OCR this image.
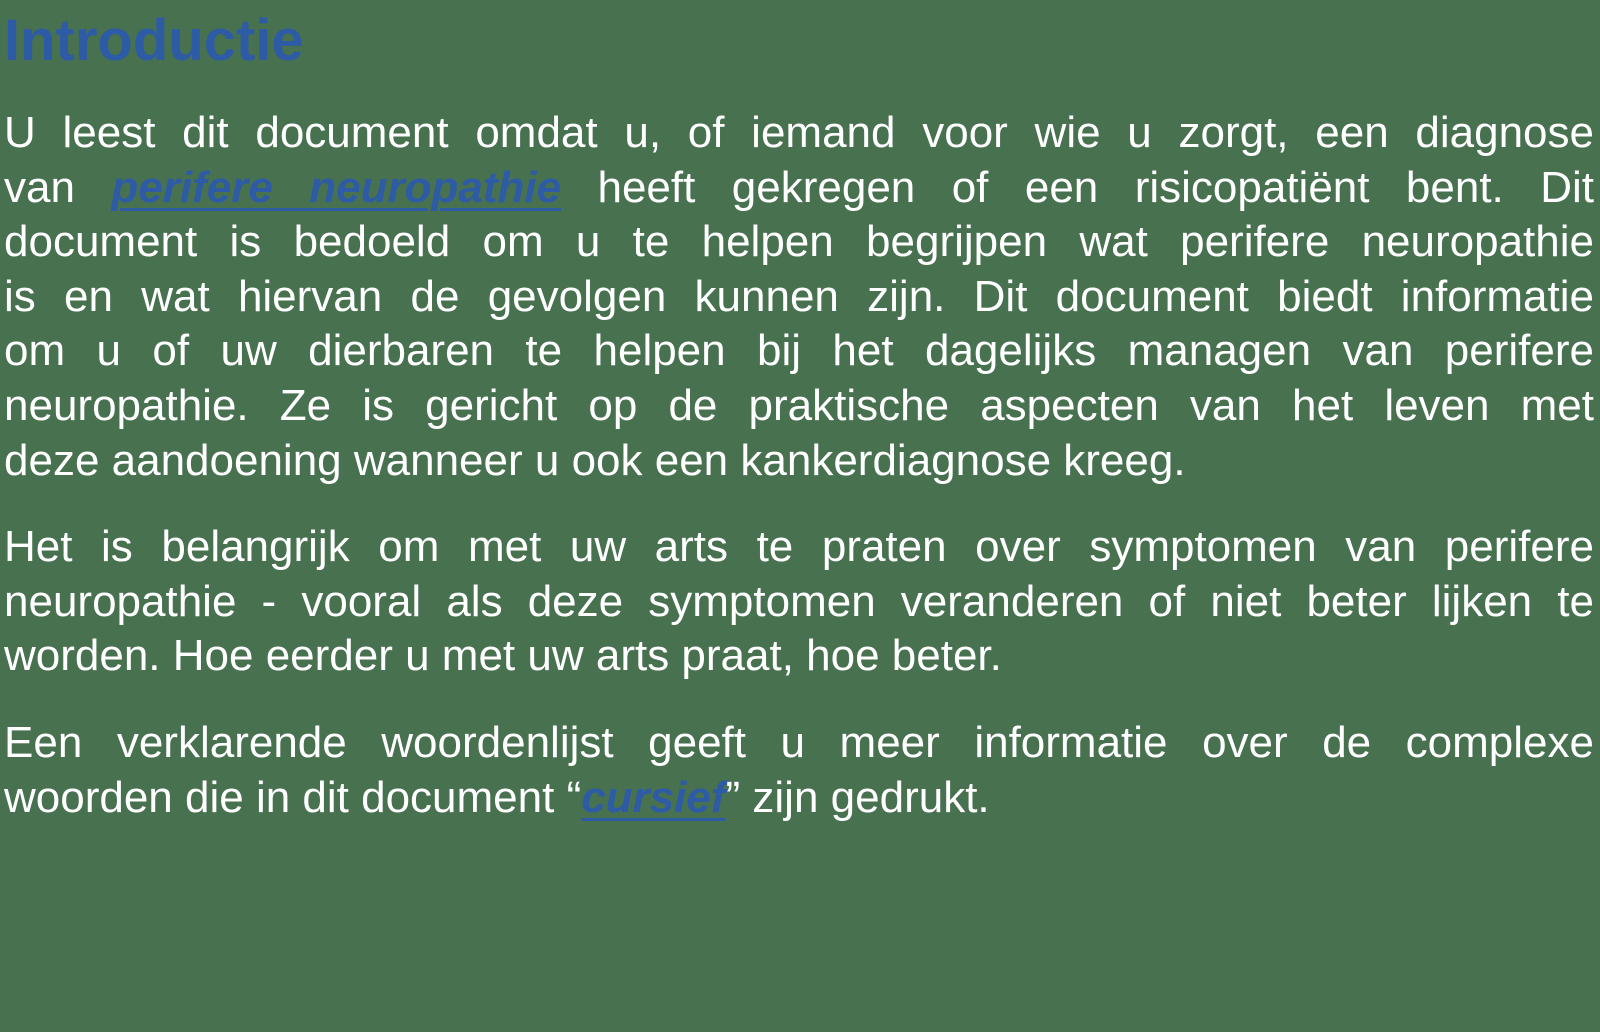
Introductie
U leest dit document omdat u, of iemand voor wie u zorgt, een diagnose
van perifere neuropathie heeft gekregen of een risicopatiënt bent. Dit
document is bedoeld om u te helpen begrijpen wat perifere neuropathie
is en wat hiervan de gevolgen kunnen zijn. Dit document biedt informatie
om u of uw dierbaren te helpen bij het dagelijks managen van perifere
neuropathie. Ze is gericht op de praktische aspecten van het leven met
deze aandoening wanneer u ook een kankerdiagnose kreeg.
Het is belangrijk om met uw arts te praten over symptomen van perifere
neuropathie - vooral als deze symptomen veranderen of niet beter lijken te
worden. Hoe eerder u met uw arts praat, hoe beter.
Een verklarende woordenlijst geeft u meer informatie over de complexe
woorden die in dit document “cursief” zijn gedrukt.
